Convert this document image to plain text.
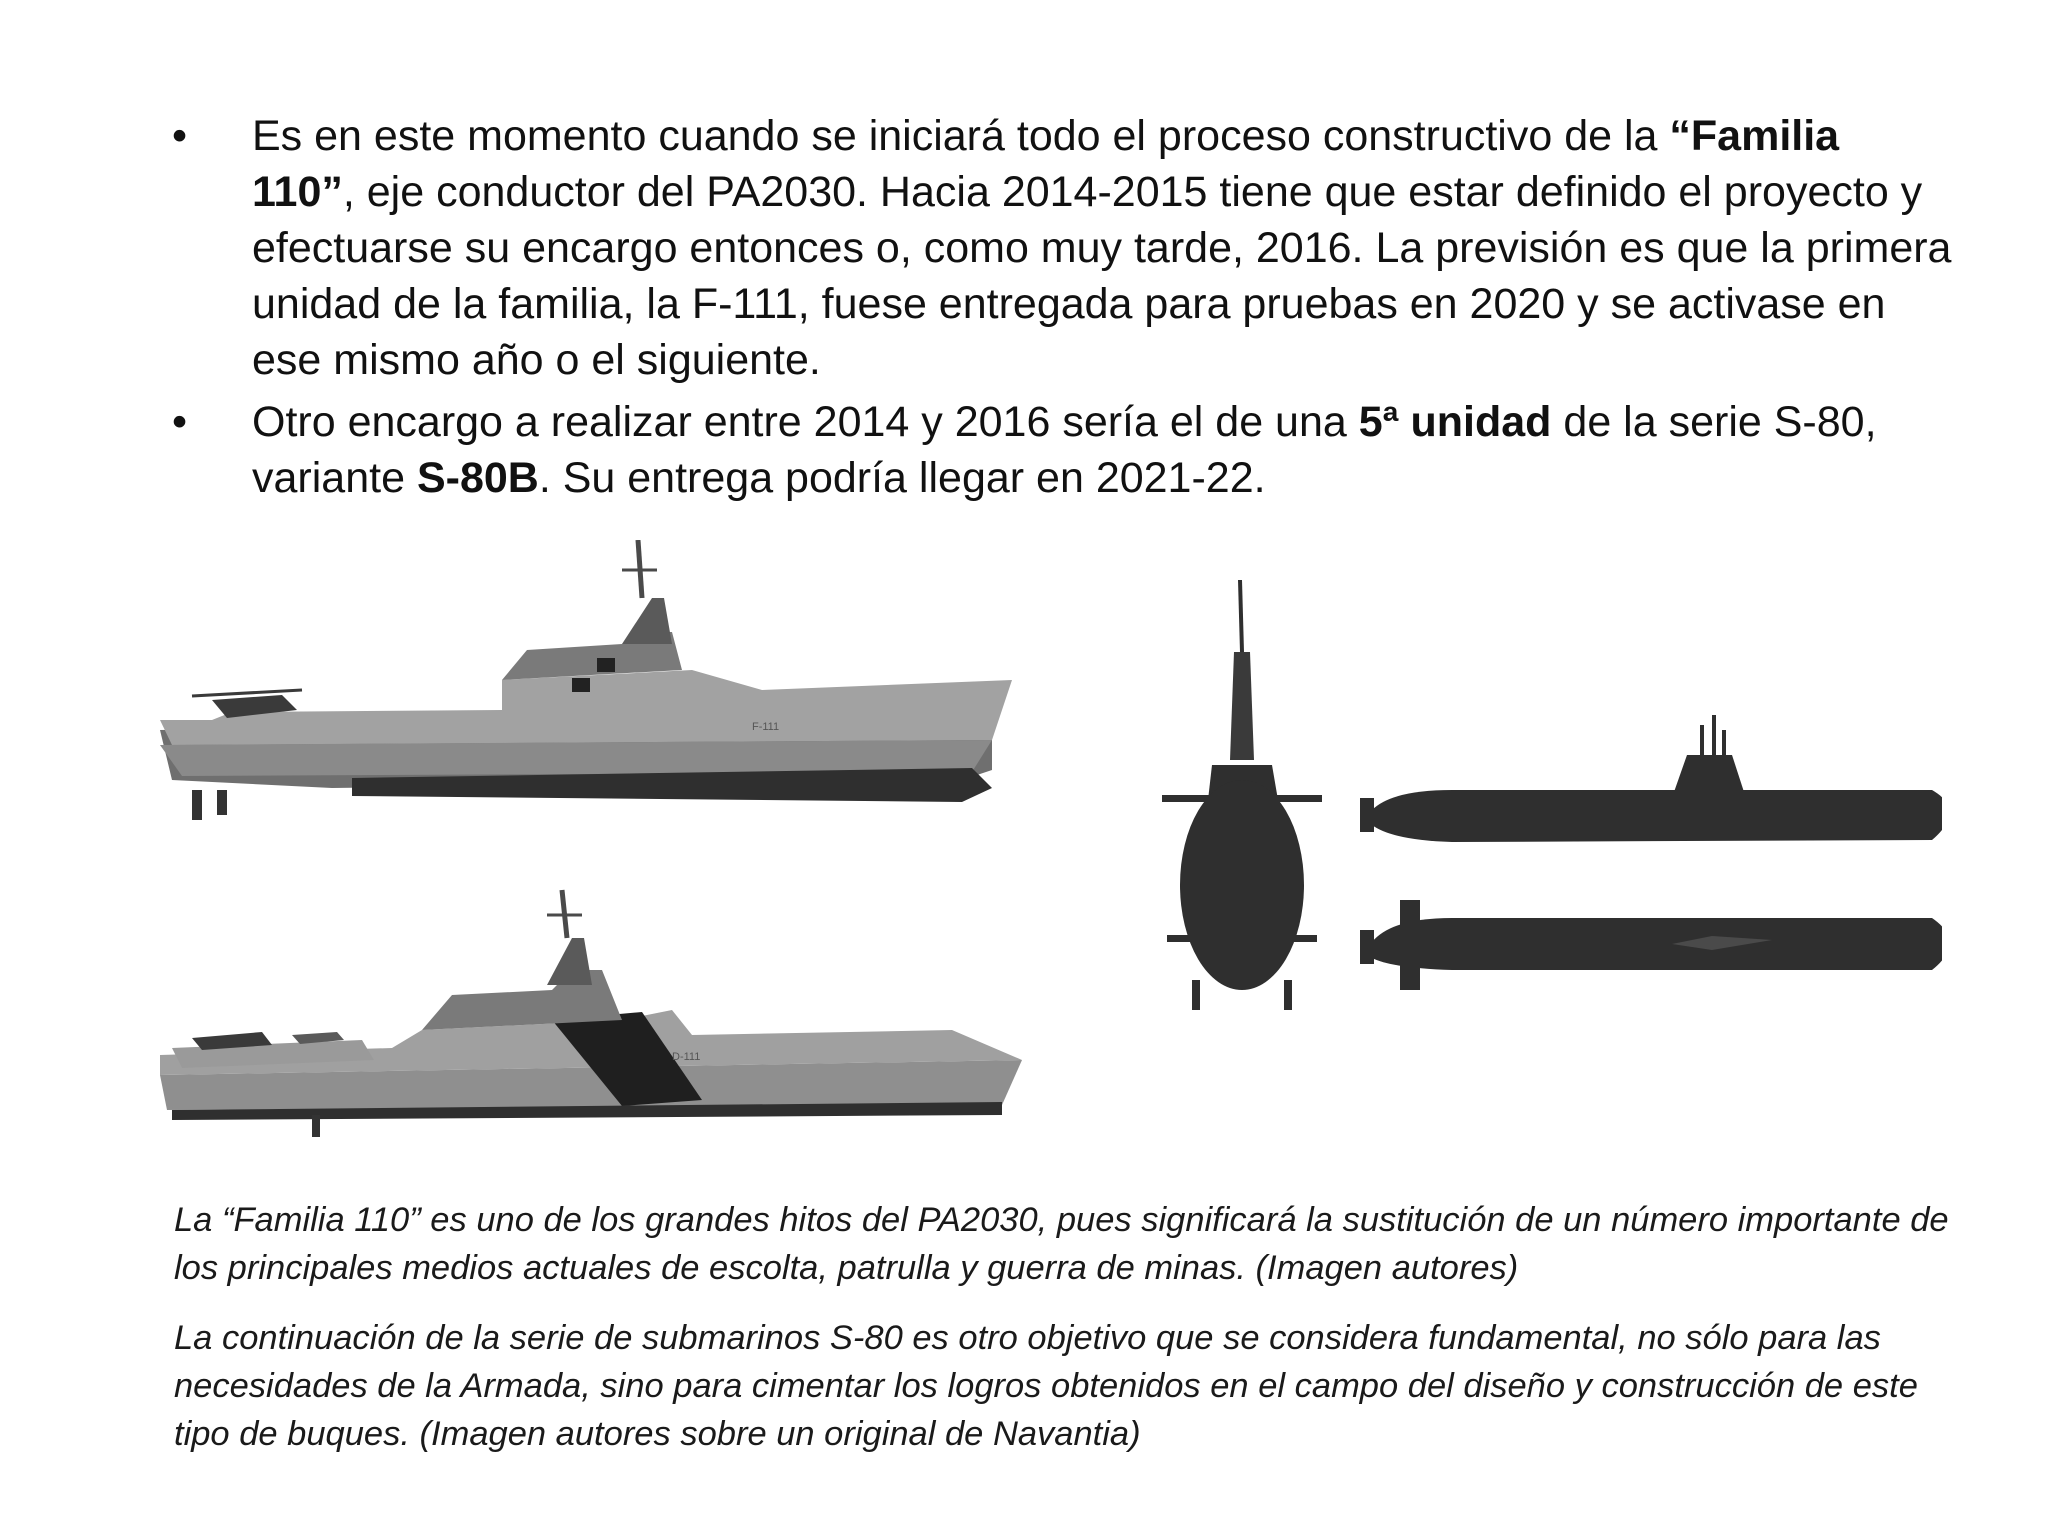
• Es en este momento cuando se iniciará todo el proceso constructivo de la “Familia 110”, eje conductor del PA2030. Hacia 2014-2015 tiene que estar definido el proyecto y efectuarse su encargo entonces o, como muy tarde, 2016. La previsión es que la primera unidad de la familia, la F-111, fuese entregada para pruebas en 2020 y se activase en ese mismo año o el siguiente.
• Otro encargo a realizar entre 2014 y 2016 sería el de una 5ª unidad de la serie S-80, variante S-80B. Su entrega podría llegar en 2021-22.
F-111
D-111

La “Familia 110” es uno de los grandes hitos del PA2030, pues significará la sustitución de un número importante de los principales medios actuales de escolta, patrulla y guerra de minas. (Imagen autores)

La continuación de la serie de submarinos S-80 es otro objetivo que se considera fundamental, no sólo para las necesidades de la Armada, sino para cimentar los logros obtenidos en el campo del diseño y construcción de este tipo de buques. (Imagen autores sobre un original de Navantia)
